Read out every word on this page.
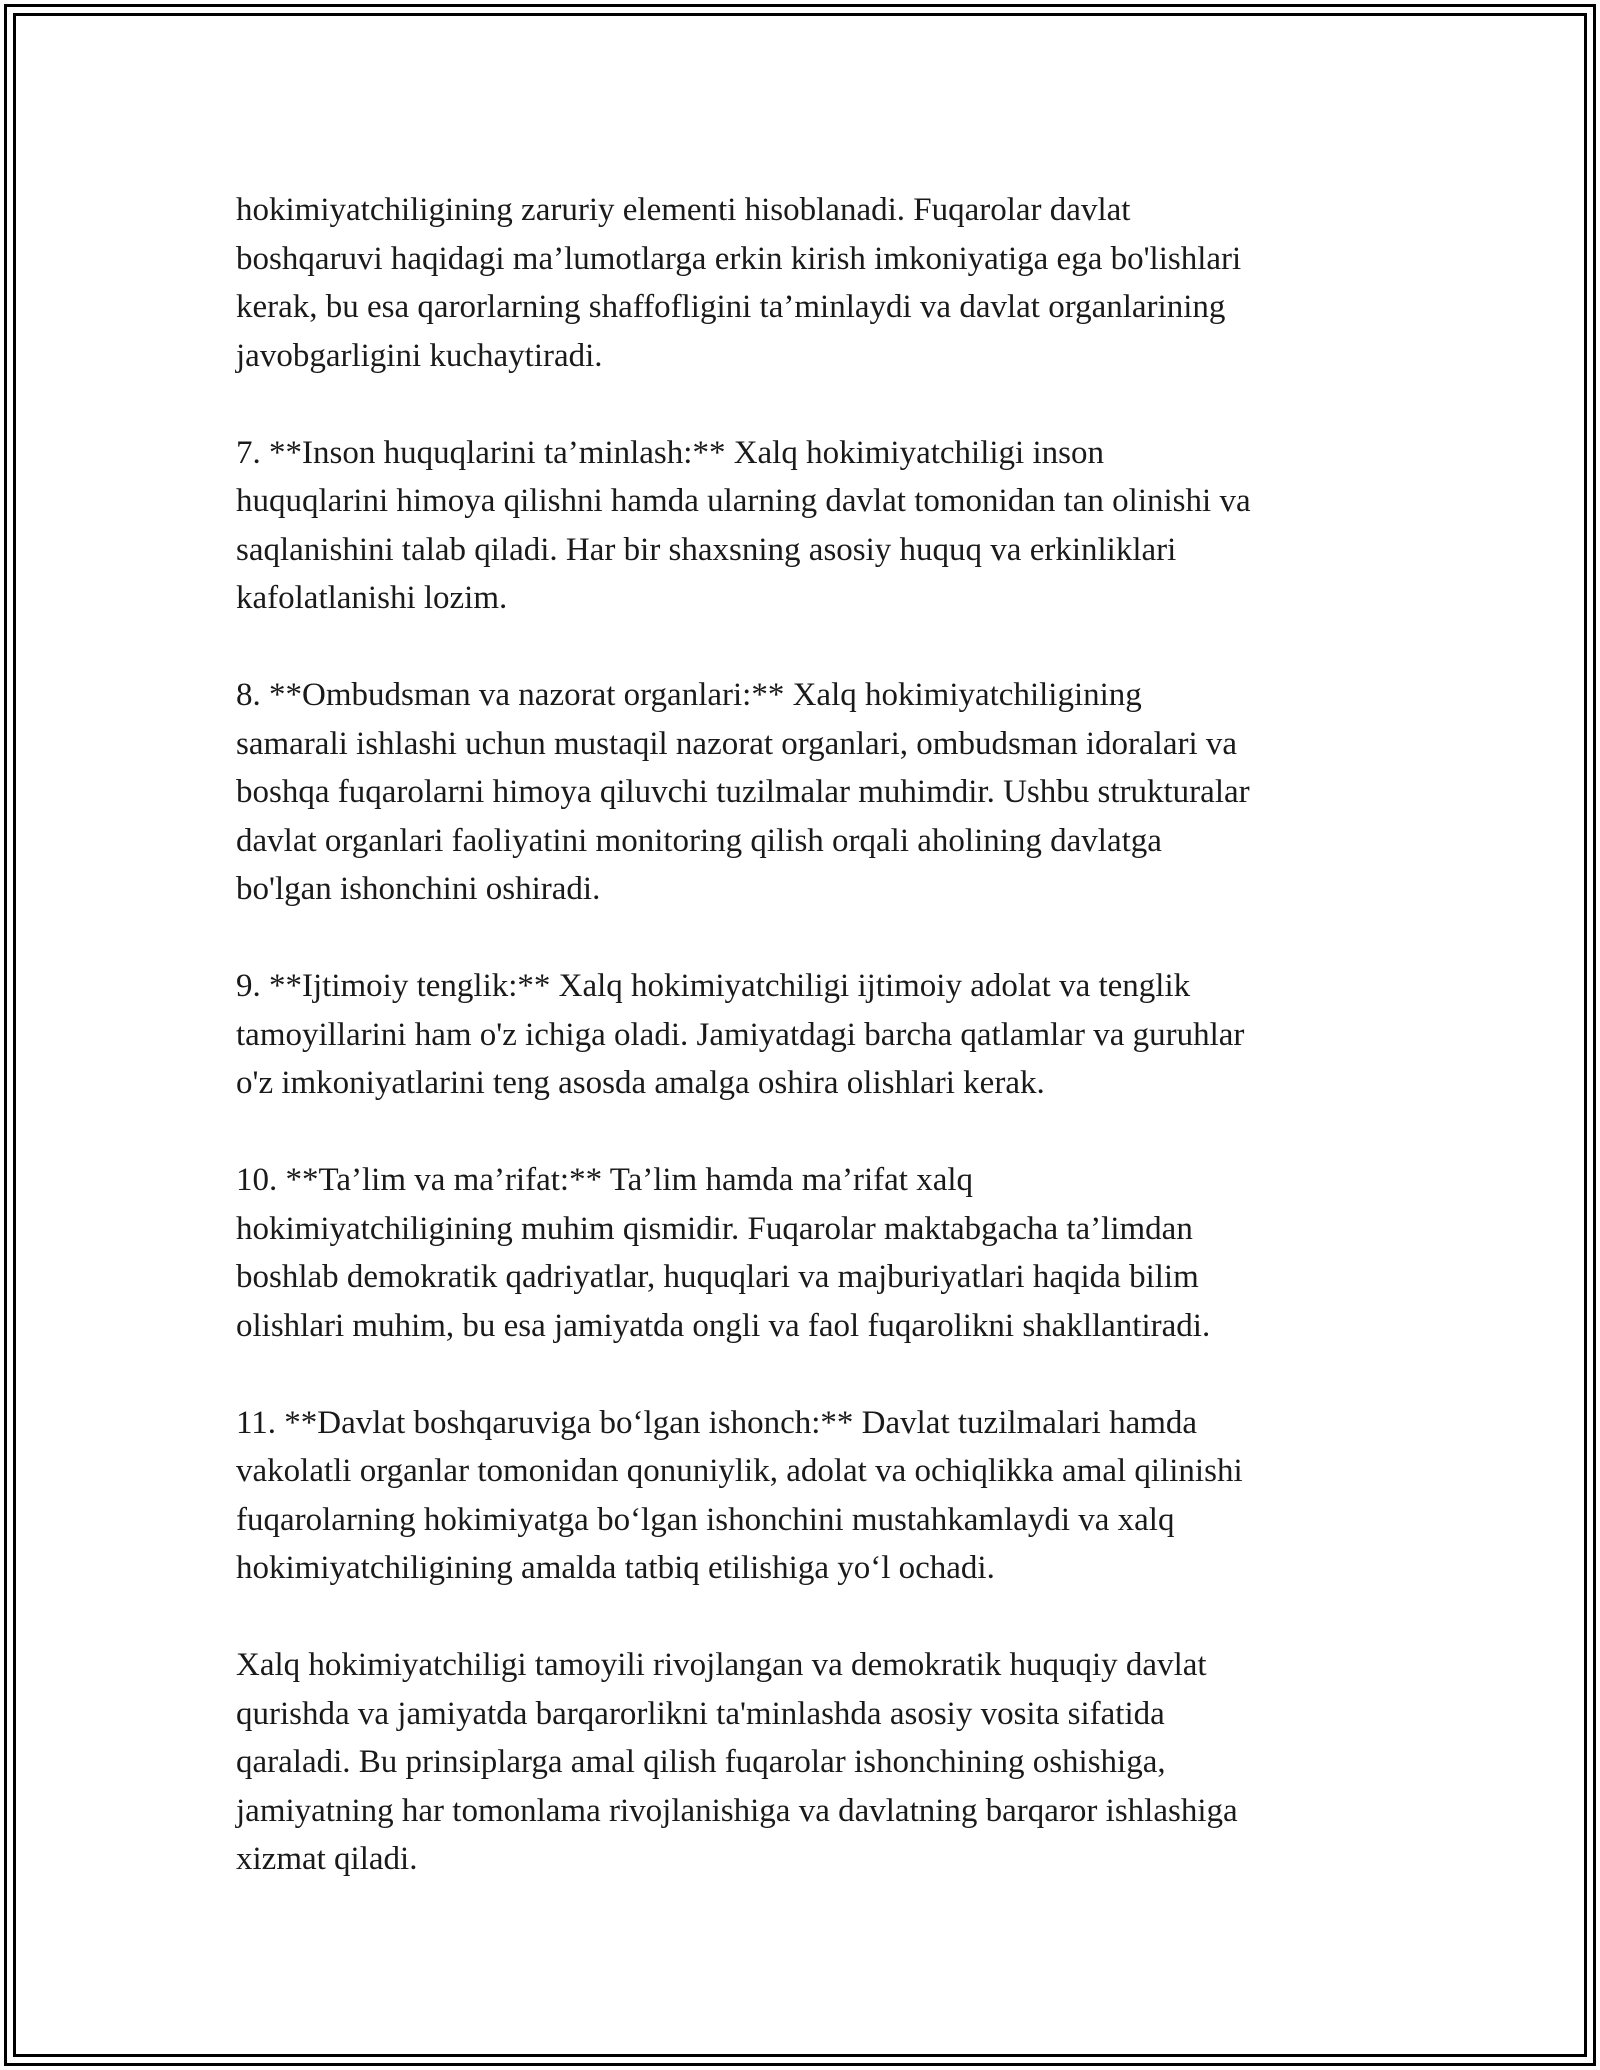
hokimiyatchiligining zaruriy elementi hisoblanadi. Fuqarolar davlat
boshqaruvi haqidagi ma’lumotlarga erkin kirish imkoniyatiga ega bo'lishlari
kerak, bu esa qarorlarning shaffofligini ta’minlaydi va davlat organlarining
javobgarligini kuchaytiradi.

7. **Inson huquqlarini ta’minlash:** Xalq hokimiyatchiligi inson
huquqlarini himoya qilishni hamda ularning davlat tomonidan tan olinishi va
saqlanishini talab qiladi. Har bir shaxsning asosiy huquq va erkinliklari
kafolatlanishi lozim.

8. **Ombudsman va nazorat organlari:** Xalq hokimiyatchiligining
samarali ishlashi uchun mustaqil nazorat organlari, ombudsman idoralari va
boshqa fuqarolarni himoya qiluvchi tuzilmalar muhimdir. Ushbu strukturalar
davlat organlari faoliyatini monitoring qilish orqali aholining davlatga
bo'lgan ishonchini oshiradi.

9. **Ijtimoiy tenglik:** Xalq hokimiyatchiligi ijtimoiy adolat va tenglik
tamoyillarini ham o'z ichiga oladi. Jamiyatdagi barcha qatlamlar va guruhlar
o'z imkoniyatlarini teng asosda amalga oshira olishlari kerak.

10. **Ta’lim va ma’rifat:** Ta’lim hamda ma’rifat xalq
hokimiyatchiligining muhim qismidir. Fuqarolar maktabgacha ta’limdan
boshlab demokratik qadriyatlar, huquqlari va majburiyatlari haqida bilim
olishlari muhim, bu esa jamiyatda ongli va faol fuqarolikni shakllantiradi.

11. **Davlat boshqaruviga bo‘lgan ishonch:** Davlat tuzilmalari hamda
vakolatli organlar tomonidan qonuniylik, adolat va ochiqlikka amal qilinishi
fuqarolarning hokimiyatga bo‘lgan ishonchini mustahkamlaydi va xalq
hokimiyatchiligining amalda tatbiq etilishiga yo‘l ochadi.

Xalq hokimiyatchiligi tamoyili rivojlangan va demokratik huquqiy davlat
qurishda va jamiyatda barqarorlikni ta'minlashda asosiy vosita sifatida
qaraladi. Bu prinsiplarga amal qilish fuqarolar ishonchining oshishiga,
jamiyatning har tomonlama rivojlanishiga va davlatning barqaror ishlashiga
xizmat qiladi.
